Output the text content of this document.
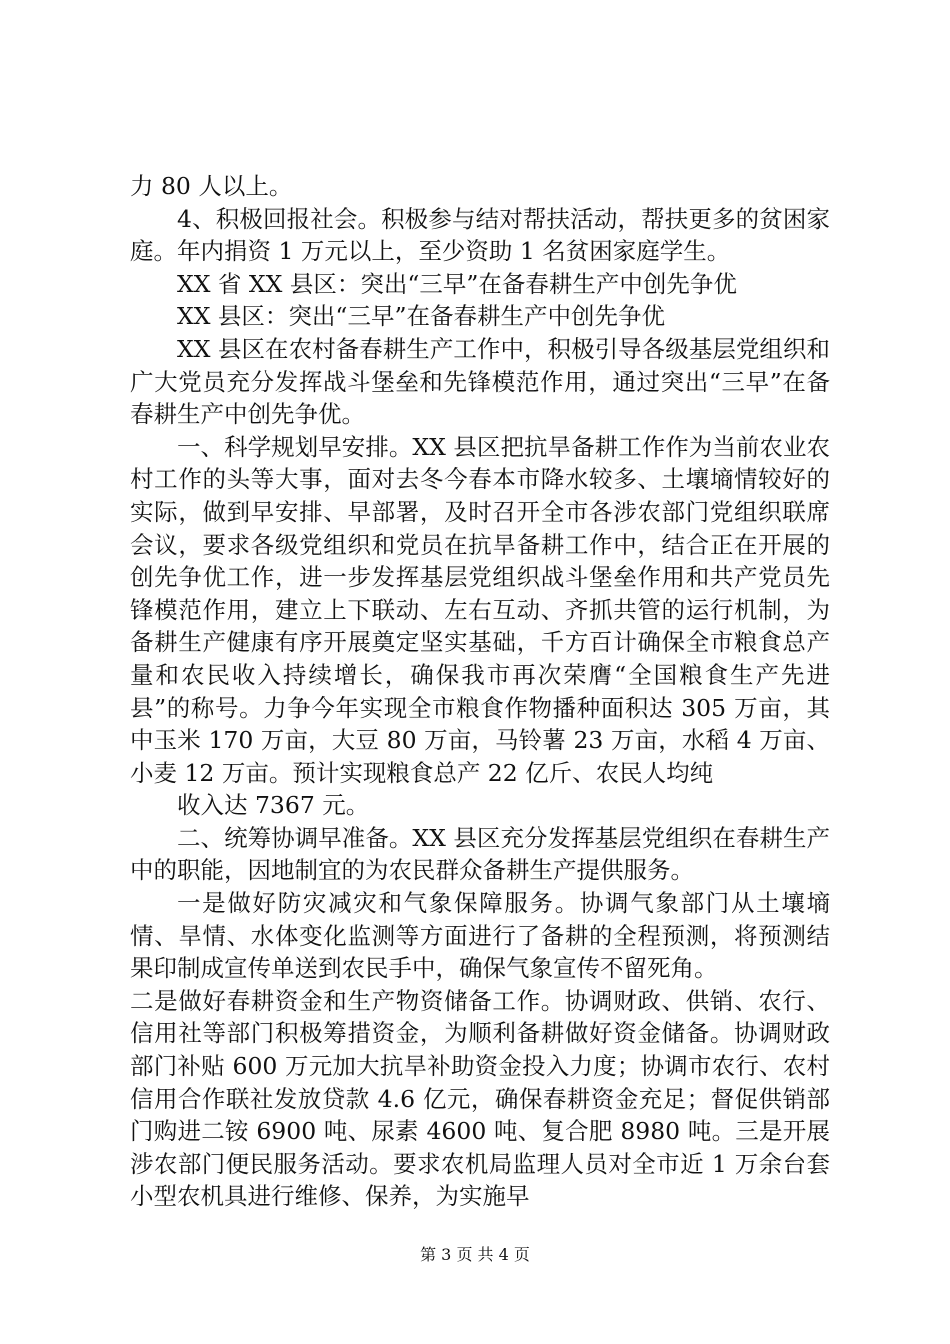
力 80 人以上。

4、积极回报社会。积极参与结对帮扶活动，帮扶更多的贫困家庭。年内捐资 1 万元以上，至少资助 1 名贫困家庭学生。

XX 省 XX 县区：突出“三早”在备春耕生产中创先争优

XX 县区：突出“三早”在备春耕生产中创先争优

XX 县区在农村备春耕生产工作中，积极引导各级基层党组织和广大党员充分发挥战斗堡垒和先锋模范作用，通过突出“三早”在备春耕生产中创先争优。

一、科学规划早安排。XX 县区把抗旱备耕工作作为当前农业农村工作的头等大事，面对去冬今春本市降水较多、土壤墒情较好的实际，做到早安排、早部署，及时召开全市各涉农部门党组织联席会议，要求各级党组织和党员在抗旱备耕工作中，结合正在开展的创先争优工作，进一步发挥基层党组织战斗堡垒作用和共产党员先锋模范作用，建立上下联动、左右互动、齐抓共管的运行机制，为备耕生产健康有序开展奠定坚实基础，千方百计确保全市粮食总产量和农民收入持续增长，确保我市再次荣膺“全国粮食生产先进县”的称号。力争今年实现全市粮食作物播种面积达 305 万亩，其中玉米 170 万亩，大豆 80 万亩，马铃薯 23 万亩，水稻 4 万亩、小麦 12 万亩。预计实现粮食总产 22 亿斤、农民人均纯

收入达 7367 元。

二、统筹协调早准备。XX 县区充分发挥基层党组织在春耕生产中的职能，因地制宜的为农民群众备耕生产提供服务。

一是做好防灾减灾和气象保障服务。协调气象部门从土壤墒情、旱情、水体变化监测等方面进行了备耕的全程预测，将预测结果印制成宣传单送到农民手中，确保气象宣传不留死角。

二是做好春耕资金和生产物资储备工作。协调财政、供销、农行、信用社等部门积极筹措资金，为顺利备耕做好资金储备。协调财政部门补贴 600 万元加大抗旱补助资金投入力度；协调市农行、农村信用合作联社发放贷款 4.6 亿元，确保春耕资金充足；督促供销部门购进二铵 6900 吨、尿素 4600 吨、复合肥 8980 吨。三是开展涉农部门便民服务活动。要求农机局监理人员对全市近 1 万余台套小型农机具进行维修、保养，为实施早

第 3 页 共 4 页
